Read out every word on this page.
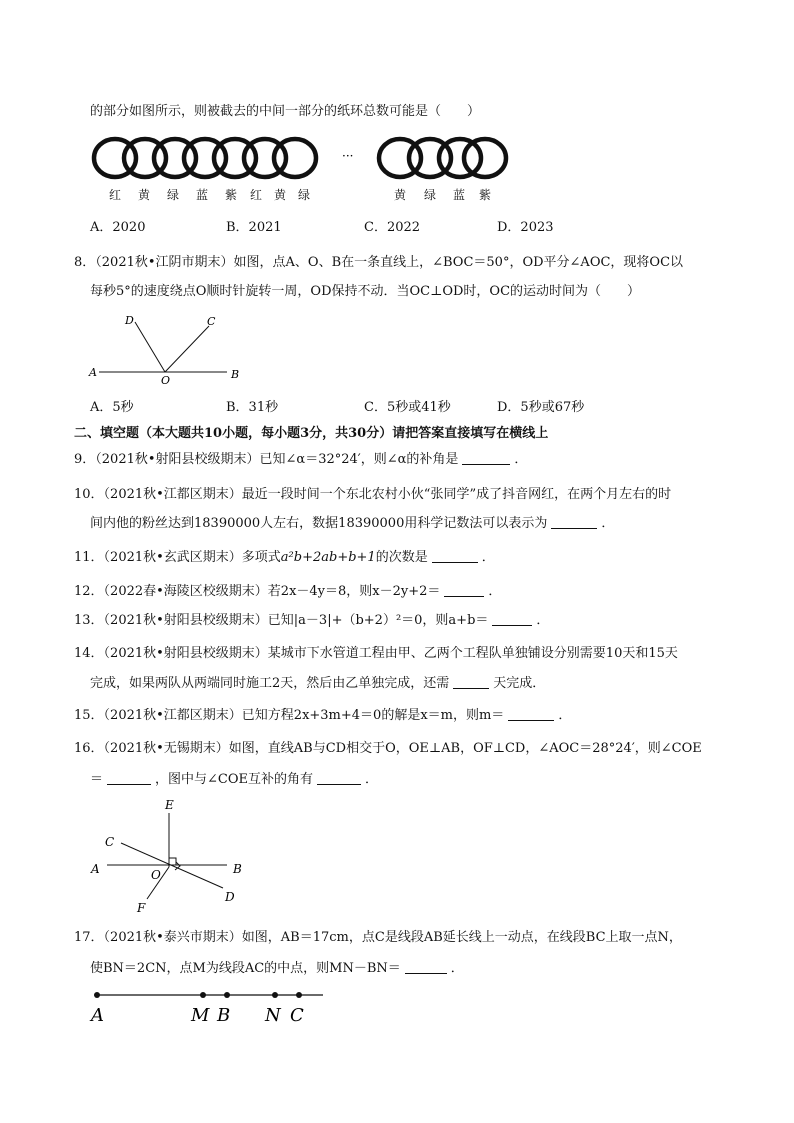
的部分如图所示，则被截去的中间一部分的纸环总数可能是（　　）
···
红 黄 绿 蓝 紫 红 黄 绿	黄 绿 蓝 紫
A．2020	B．2021	C．2022	D．2023
8．（2021秋•江阴市期末）如图，点A、O、B在一条直线上，∠BOC＝50°，OD平分∠AOC，现将OC以
每秒5°的速度绕点O顺时针旋转一周，OD保持不动．当OC⊥OD时，OC的运动时间为（　　）
D	C
A
O	B
A．5秒	B．31秒	C．5秒或41秒	D．5秒或67秒
二、填空题（本大题共10小题，每小题3分，共30分）请把答案直接填写在横线上
9．（2021秋•射阳县校级期末）已知∠α＝32°24′，则∠α的补角是	．
10．（2021秋•江都区期末）最近一段时间一个东北农村小伙“张同学”成了抖音网红，在两个月左右的时
间内他的粉丝达到18390000人左右，数据18390000用科学记数法可以表示为	．
11．（2021秋•玄武区期末）多项式a²b+2ab+b+1的次数是	．
12．（2022春•海陵区校级期末）若2x－4y＝8，则x－2y+2＝	．
13．（2021秋•射阳县校级期末）已知|a－3|+（b+2）²＝0，则a+b＝	．
14．（2021秋•射阳县校级期末）某城市下水管道工程由甲、乙两个工程队单独铺设分别需要10天和15天
完成，如果两队从两端同时施工2天，然后由乙单独完成，还需	天完成．
15．（2021秋•江都区期末）已知方程2x+3m+4＝0的解是x＝m，则m＝	．
16．（2021秋•无锡期末）如图，直线AB与CD相交于O，OE⊥AB，OF⊥CD，∠AOC＝28°24′，则∠COE
＝	，图中与∠COE互补的角有	．
E
C
A	O	B
D
F
17．（2021秋•泰兴市期末）如图，AB＝17cm，点C是线段AB延长线上一动点，在线段BC上取一点N，
使BN＝2CN，点M为线段AC的中点，则MN－BN＝	．
A	M B N C
